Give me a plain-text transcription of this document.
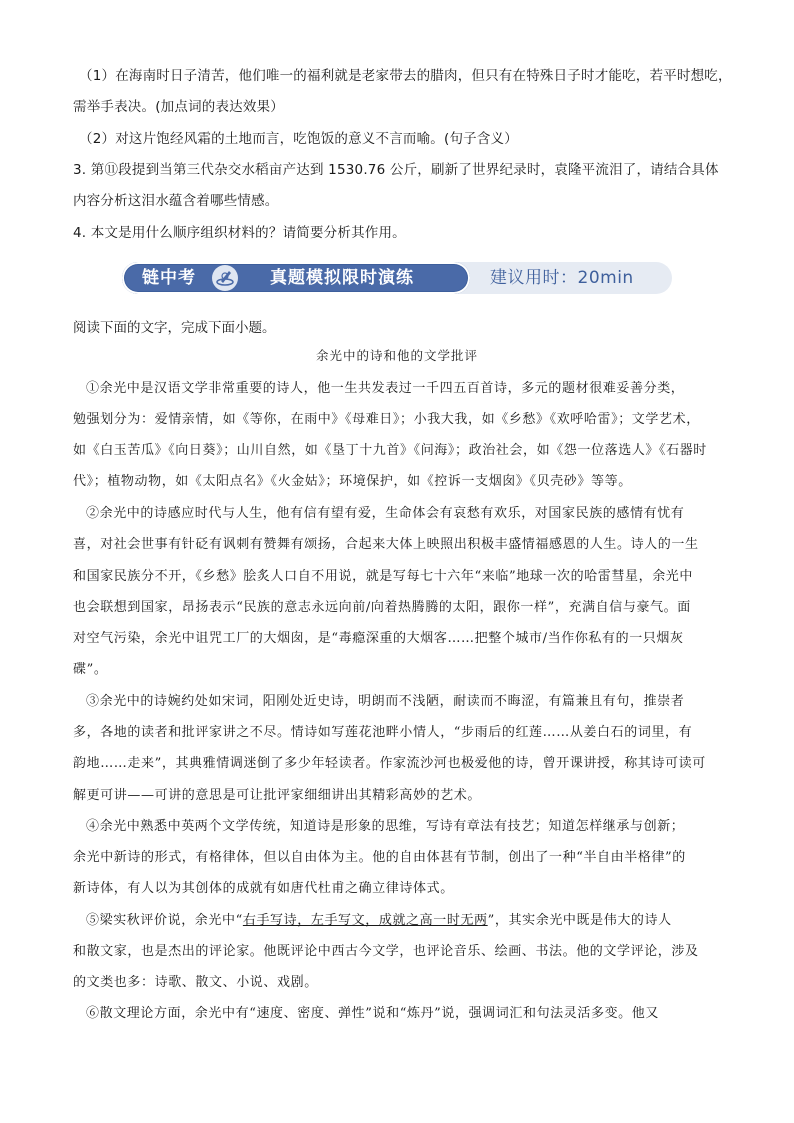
（1）在海南时日子清苦，他们唯一的福利就是老家带去的腊肉，但只有在特殊日子时才能吃，若平时想吃，
需举手表决。(加点词的表达效果）
（2）对这片饱经风霜的土地而言，吃饱饭的意义不言而喻。(句子含义）
3. 第⑪段提到当第三代杂交水稻亩产达到 1530.76 公斤，刷新了世界纪录时，袁隆平流泪了，请结合具体
内容分析这泪水蕴含着哪些情感。
4. 本文是用什么顺序组织材料的？请简要分析其作用。
链中考	真题模拟限时演练	建议用时：20min
阅读下面的文字，完成下面小题。
余光中的诗和他的文学批评
①余光中是汉语文学非常重要的诗人，他一生共发表过一千四五百首诗，多元的题材很难妥善分类，
勉强划分为：爱情亲情，如《等你，在雨中》《母难日》；小我大我，如《乡愁》《欢呼哈雷》；文学艺术，
如《白玉苦瓜》《向日葵》；山川自然，如《垦丁十九首》《问海》；政治社会，如《怨一位落选人》《石器时
代》；植物动物，如《太阳点名》《火金姑》；环境保护，如《控诉一支烟囱》《贝壳砂》等等。
②余光中的诗感应时代与人生，他有信有望有爱，生命体会有哀愁有欢乐，对国家民族的感情有忧有
喜，对社会世事有针砭有讽刺有赞舞有颂扬，合起来大体上映照出积极丰盛情福感恩的人生。诗人的一生
和国家民族分不开，《乡愁》脍炙人口自不用说，就是写每七十六年“来临”地球一次的哈雷彗星，余光中
也会联想到国家，昂扬表示“民族的意志永远向前/向着热腾腾的太阳，跟你一样”，充满自信与豪气。面
对空气污染，余光中诅咒工厂的大烟囱，是“毒瘾深重的大烟客……把整个城市/当作你私有的一只烟灰
碟”。
③余光中的诗婉约处如宋词，阳刚处近史诗，明朗而不浅陋，耐读而不晦涩，有篇兼且有句，推崇者
多，各地的读者和批评家讲之不尽。情诗如写莲花池畔小情人，“步雨后的红莲……从姜白石的词里，有
韵地……走来”，其典雅情调迷倒了多少年轻读者。作家流沙河也极爱他的诗，曾开课讲授，称其诗可读可
解更可讲——可讲的意思是可让批评家细细讲出其精彩高妙的艺术。
④余光中熟悉中英两个文学传统，知道诗是形象的思维，写诗有章法有技艺；知道怎样继承与创新；
余光中新诗的形式，有格律体，但以自由体为主。他的自由体甚有节制，创出了一种“半自由半格律”的
新诗体，有人以为其创体的成就有如唐代杜甫之确立律诗体式。
⑤梁实秋评价说，余光中“右手写诗，左手写文，成就之高一时无两”，其实余光中既是伟大的诗人
和散文家，也是杰出的评论家。他既评论中西古今文学，也评论音乐、绘画、书法。他的文学评论，涉及
的文类也多：诗歌、散文、小说、戏剧。
⑥散文理论方面，余光中有“速度、密度、弹性”说和“炼丹”说，强调词汇和句法灵活多变。他又
